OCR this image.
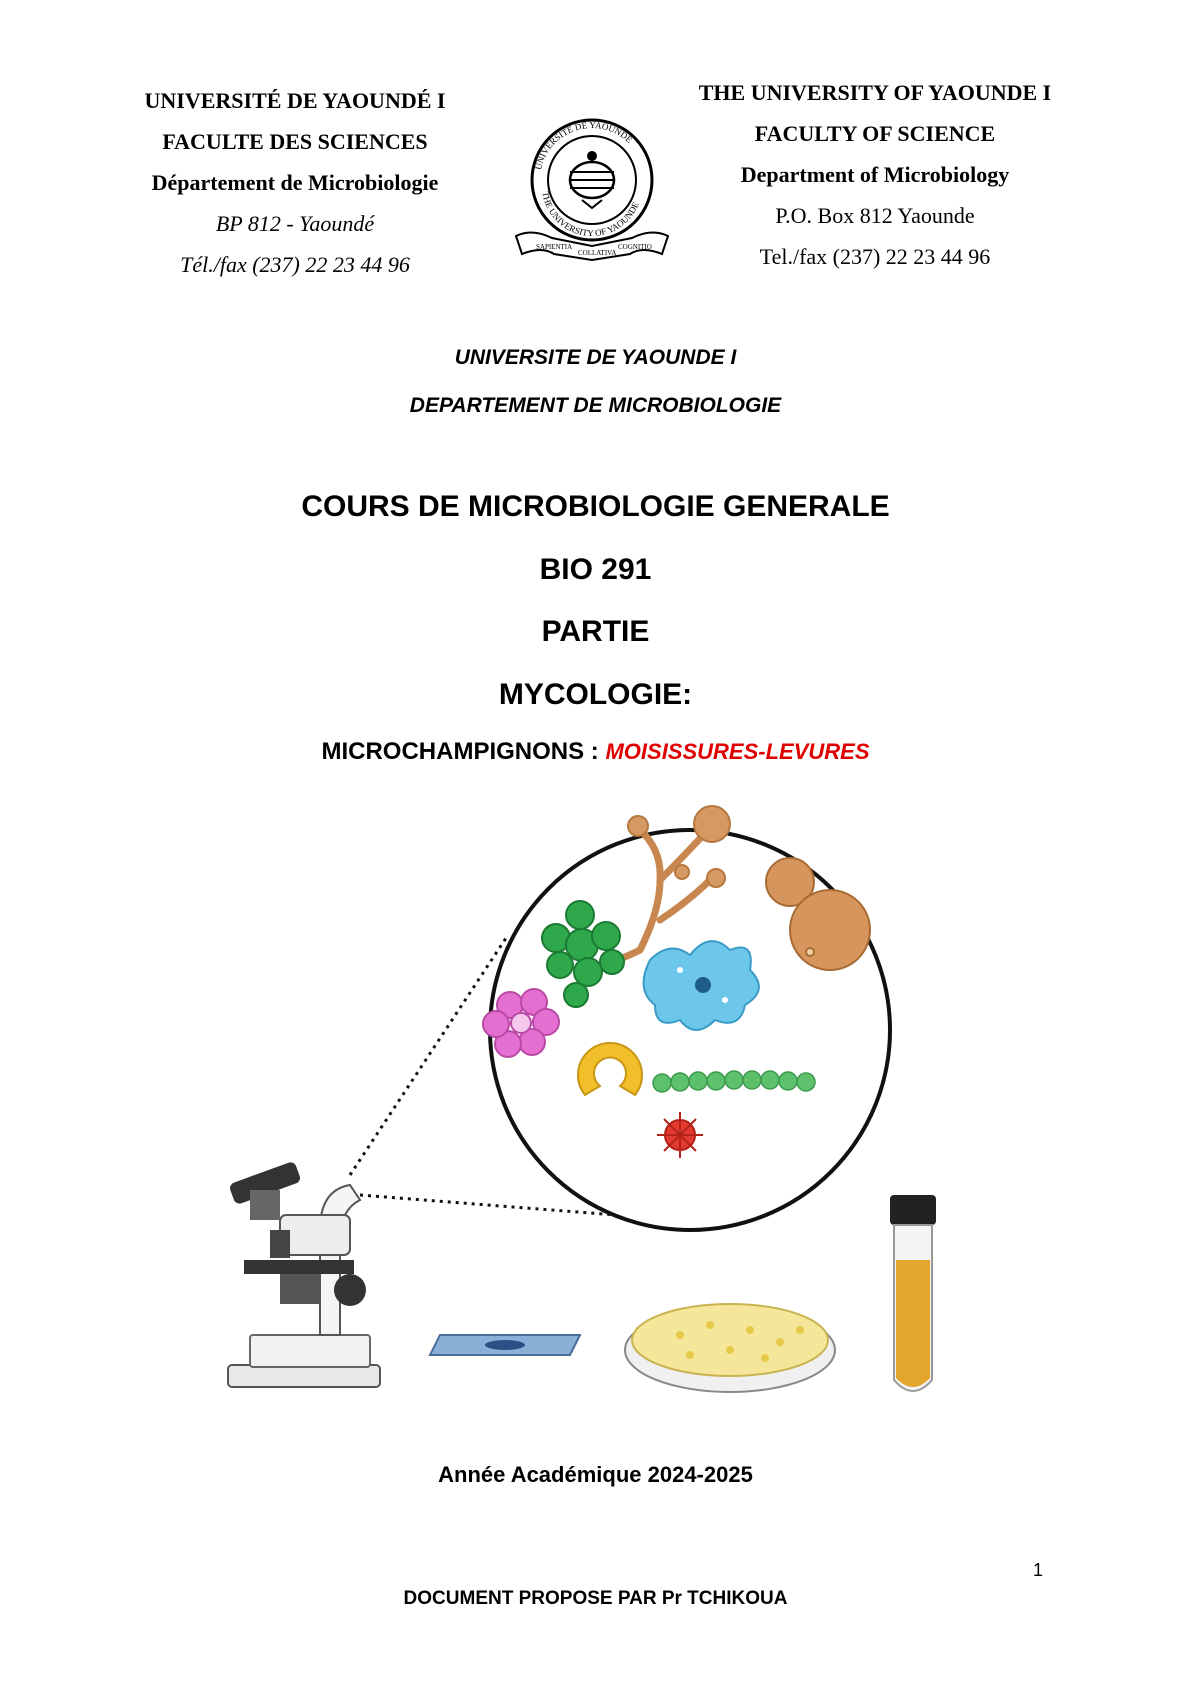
UNIVERSITÉ DE YAOUNDÉ I
FACULTE DES SCIENCES
Département de Microbiologie
BP 812 - Yaoundé
Tél./fax (237) 22 23 44 96
UNIVERSITÉ DE YAOUNDÉ
THE UNIVERSITY OF YAOUNDE
SAPIENTIA
COLLATIVA
COGNITIO
THE UNIVERSITY OF YAOUNDE I
FACULTY OF SCIENCE
Department of Microbiology
P.O. Box 812 Yaounde
Tel./fax (237) 22 23 44 96
UNIVERSITE DE YAOUNDE I
DEPARTEMENT DE MICROBIOLOGIE
COURS DE MICROBIOLOGIE GENERALE
BIO 291
PARTIE
MYCOLOGIE:
MICROCHAMPIGNONS : MOISISSURES-LEVURES
Année Académique 2024-2025
1
DOCUMENT PROPOSE PAR Pr TCHIKOUA
